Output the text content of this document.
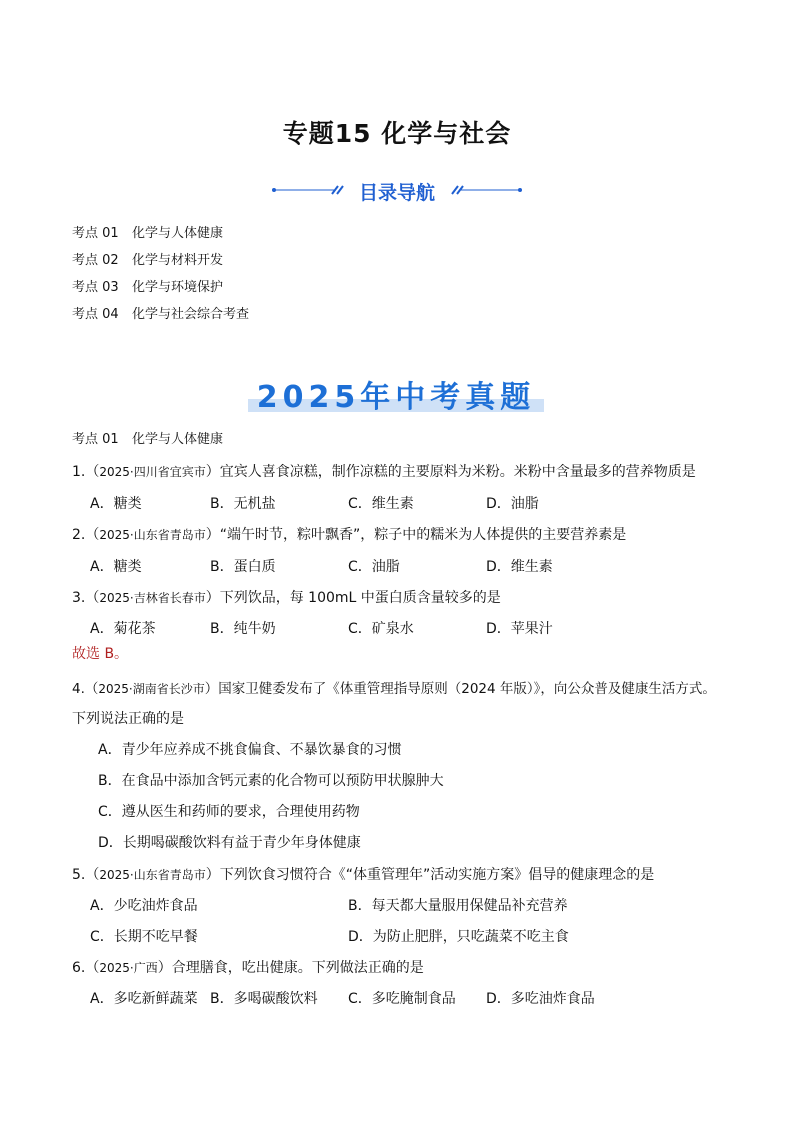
专题15 化学与社会
目录导航
考点 01 化学与人体健康
考点 02 化学与材料开发
考点 03 化学与环境保护
考点 04 化学与社会综合考查
2025年中考真题
考点 01 化学与人体健康
1.（2025·四川省宜宾市）宜宾人喜食凉糕，制作凉糕的主要原料为米粉。米粉中含量最多的营养物质是
A．糖类	B．无机盐	C．维生素	D．油脂
2.（2025·山东省青岛市）“端午时节，粽叶飘香”，粽子中的糯米为人体提供的主要营养素是
A．糖类	B．蛋白质	C．油脂	D．维生素
3.（2025·吉林省长春市）下列饮品，每 100mL 中蛋白质含量较多的是
A．菊花茶	B．纯牛奶	C．矿泉水	D．苹果汁
故选 B。
4.（2025·湖南省长沙市）国家卫健委发布了《体重管理指导原则（2024 年版）》，向公众普及健康生活方式。
下列说法正确的是
A．青少年应养成不挑食偏食、不暴饮暴食的习惯
B．在食品中添加含钙元素的化合物可以预防甲状腺肿大
C．遵从医生和药师的要求，合理使用药物
D．长期喝碳酸饮料有益于青少年身体健康
5.（2025·山东省青岛市）下列饮食习惯符合《“体重管理年”活动实施方案》倡导的健康理念的是
A．少吃油炸食品	B．每天都大量服用保健品补充营养
C．长期不吃早餐	D．为防止肥胖，只吃蔬菜不吃主食
6.（2025·广西）合理膳食，吃出健康。下列做法正确的是
A．多吃新鲜蔬菜 B．多喝碳酸饮料 C．多吃腌制食品 D．多吃油炸食品
